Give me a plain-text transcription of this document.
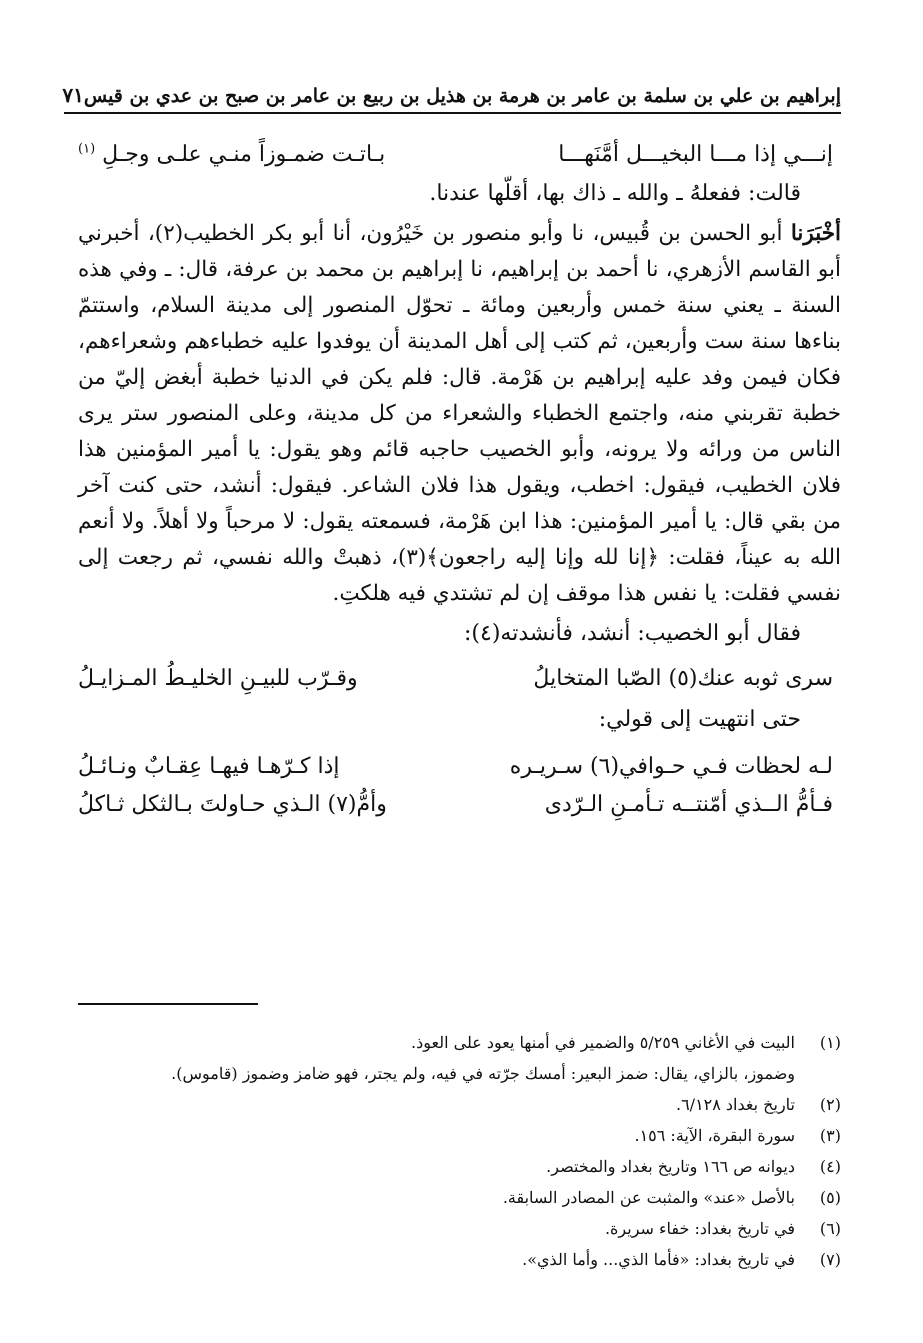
إبراهيم بن علي بن سلمة بن عامر بن هرمة بن هذيل بن ربيع بن عامر بن صبح بن عدي بن قيس
٧١
إنـــي إذا مـــا البخيـــل أمَّنَهـــا
بـاتـت ضمـوزاً منـي علـى وجـلِ $^{(١)}$
قالت: ففعلهُ ـ والله ـ ذاك بها، أقلّها عندنا.
أخْبَرَنا أبو الحسن بن قُبيس، نا وأبو منصور بن خَيْرُون، أنا أبو بكر الخطيب(٢)، أخبرني أبو القاسم الأزهري، نا أحمد بن إبراهيم، نا إبراهيم بن محمد بن عرفة، قال: ـ وفي هذه السنة ـ يعني سنة خمس وأربعين ومائة ـ تحوّل المنصور إلى مدينة السلام، واستتمّ بناءها سنة ست وأربعين، ثم كتب إلى أهل المدينة أن يوفدوا عليه خطباءهم وشعراءهم، فكان فيمن وفد عليه إبراهيم بن هَرْمة. قال: فلم يكن في الدنيا خطبة أبغض إليّ من خطبة تقربني منه، واجتمع الخطباء والشعراء من كل مدينة، وعلى المنصور ستر يرى الناس من ورائه ولا يرونه، وأبو الخصيب حاجبه قائم وهو يقول: يا أمير المؤمنين هذا فلان الخطيب، فيقول: اخطب، ويقول هذا فلان الشاعر. فيقول: أنشد، حتى كنت آخر من بقي قال: يا أمير المؤمنين: هذا ابن هَرْمة، فسمعته يقول: لا مرحباً ولا أهلاً. ولا أنعم الله به عيناً، فقلت: ﴿إنا لله وإنا إليه راجعون﴾(٣)، ذهبتْ والله نفسي، ثم رجعت إلى نفسي فقلت: يا نفس هذا موقف إن لم تشتدي فيه هلكتِ.
فقال أبو الخصيب: أنشد، فأنشدته(٤):
سرى ثوبه عنك(٥) الصّبا المتخايلُ
وقـرّب للبيـنِ الخليـطُ المـزايـلُ
حتى انتهيت إلى قولي:
لـه لحظات فـي حـوافي(٦) سـريـره
إذا كـرّهـا فيهـا عِقـابٌ ونـائـلُ
فـأمُّ الــذي أمّنتــه تـأمـنِ الـرّدى
وأمُّ(٧) الـذي حـاولتَ بـالثكل ثـاكلُ
(١)
البيت في الأغاني ٥/٢٥٩ والضمير في أمنها يعود على العوذ.
وضموز، بالزاي، يقال: ضمز البعير: أمسك جرّته في فيه، ولم يجتر، فهو ضامز وضموز (قاموس).
(٢)
تاريخ بغداد ٦/١٢٨.
(٣)
سورة البقرة، الآية: ١٥٦.
(٤)
ديوانه ص ١٦٦ وتاريخ بغداد والمختصر.
(٥)
بالأصل «عند» والمثبت عن المصادر السابقة.
(٦)
في تاريخ بغداد: خفاء سريرة.
(٧)
في تاريخ بغداد: «فأما الذي... وأما الذي».
